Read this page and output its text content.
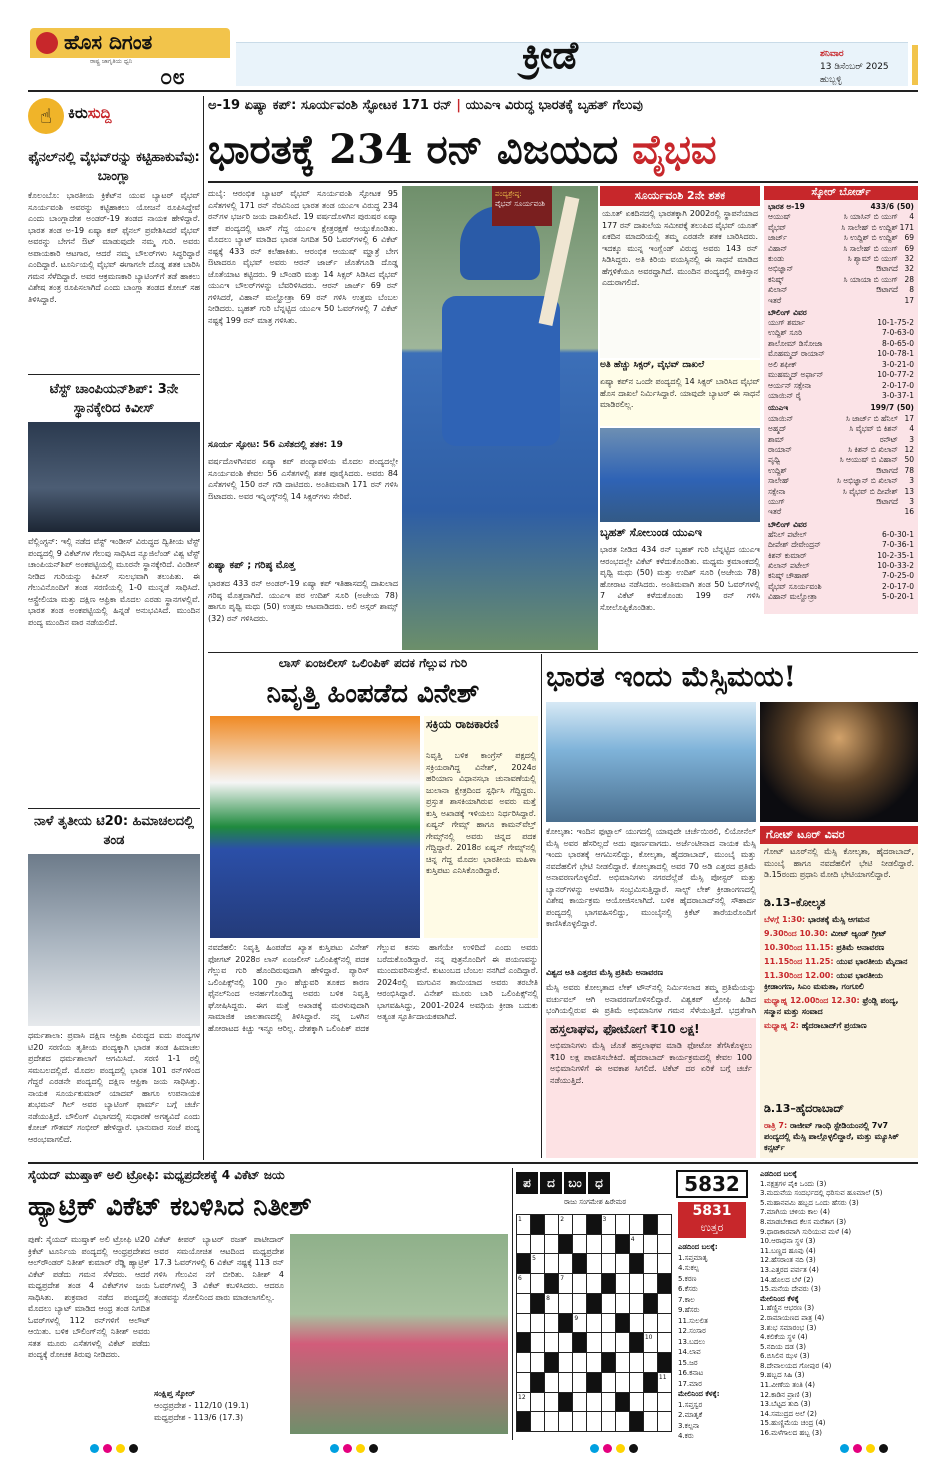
ಹೊಸ ದಿಗಂತ
ರಾಷ್ಟ್ರ ಜಾಗೃತಿಯ ಧ್ವನಿ
೦೮	ಕ್ರೀಡೆ	ಶನಿವಾರ
13 ಡಿಸೆಂಬರ್ 2025
ಹುಬ್ಬಳ್ಳಿ
☝	ಕಿರುಸುದ್ದಿ
ಫೈನಲ್‌ನಲ್ಲಿ ವೈಭವ್‌ರನ್ನು ಕಟ್ಟಿಹಾಕುವೆವು: ಬಾಂಗ್ಲಾ
ಕೊಲಂಬೊ: ಭಾರತೀಯ ಕ್ರಿಕೆಟ್‌ನ ಯುವ ಬ್ಯಾಟರ್ ವೈಭವ್ ಸೂರ್ಯವಂಶಿ ಅವರನ್ನು ಕಟ್ಟಿಹಾಕಲು ಯೋಜನೆ ರೂಪಿಸಿದ್ದೇವೆ ಎಂದು ಬಾಂಗ್ಲಾದೇಶ ಅಂಡರ್-19 ತಂಡದ ನಾಯಕ ಹೇಳಿದ್ದಾರೆ. ಭಾರತ ತಂಡ ಅ-19 ಏಷ್ಯಾ ಕಪ್ ಫೈನಲ್ ಪ್ರವೇಶಿಸಿದರೆ ವೈಭವ್ ಅವರನ್ನು ಬೇಗನೆ ಔಟ್ ಮಾಡುವುದೇ ನಮ್ಮ ಗುರಿ. ಅವರು ಅಪಾಯಕಾರಿ ಆಟಗಾರ, ಆದರೆ ನಮ್ಮ ಬೌಲರ್‌ಗಳು ಸಿದ್ಧರಿದ್ದಾರೆ ಎಂದಿದ್ದಾರೆ. ಟೂರ್ನಿಯಲ್ಲಿ ವೈಭವ್ ಈಗಾಗಲೇ ದೊಡ್ಡ ಶತಕ ಬಾರಿಸಿ ಗಮನ ಸೆಳೆದಿದ್ದಾರೆ. ಅವರ ಆಕ್ರಮಣಕಾರಿ ಬ್ಯಾಟಿಂಗ್‌ಗೆ ತಡೆ ಹಾಕಲು ವಿಶೇಷ ತಂತ್ರ ರೂಪಿಸಲಾಗಿದೆ ಎಂದು ಬಾಂಗ್ಲಾ ತಂಡದ ಕೋಚ್ ಸಹ ತಿಳಿಸಿದ್ದಾರೆ.
ಟೆಸ್ಟ್ ಚಾಂಪಿಯನ್‌ಶಿಪ್: 3ನೇ ಸ್ಥಾನಕ್ಕೇರಿದ ಕಿವೀಸ್
ವೆಲ್ಲಿಂಗ್ಟನ್: ಇಲ್ಲಿ ನಡೆದ ವೆಸ್ಟ್ ಇಂಡೀಸ್ ವಿರುದ್ಧದ ದ್ವಿತೀಯ ಟೆಸ್ಟ್ ಪಂದ್ಯದಲ್ಲಿ 9 ವಿಕೆಟ್‌ಗಳ ಗೆಲುವು ಸಾಧಿಸಿದ ನ್ಯೂಜಿಲೆಂಡ್ ವಿಶ್ವ ಟೆಸ್ಟ್ ಚಾಂಪಿಯನ್‌ಶಿಪ್ ಅಂಕಪಟ್ಟಿಯಲ್ಲಿ ಮೂರನೇ ಸ್ಥಾನಕ್ಕೇರಿದೆ. ವಿಂಡೀಸ್ ನೀಡಿದ ಗುರಿಯನ್ನು ಕಿವೀಸ್ ಸುಲಭವಾಗಿ ತಲುಪಿತು. ಈ ಗೆಲುವಿನೊಂದಿಗೆ ತಂಡ ಸರಣಿಯಲ್ಲಿ 1-0 ಮುನ್ನಡೆ ಸಾಧಿಸಿದೆ. ಆಸ್ಟ್ರೇಲಿಯಾ ಮತ್ತು ದಕ್ಷಿಣ ಆಫ್ರಿಕಾ ಮೊದಲ ಎರಡು ಸ್ಥಾನಗಳಲ್ಲಿವೆ. ಭಾರತ ತಂಡ ಅಂಕಪಟ್ಟಿಯಲ್ಲಿ ಹಿನ್ನಡೆ ಅನುಭವಿಸಿದೆ. ಮುಂದಿನ ಪಂದ್ಯ ಮುಂದಿನ ವಾರ ನಡೆಯಲಿದೆ.
ನಾಳೆ ತೃತೀಯ ಟಿ20: ಹಿಮಾಚಲದಲ್ಲಿ ತಂಡ
ಧರ್ಮಶಾಲಾ: ಪ್ರವಾಸಿ ದಕ್ಷಿಣ ಆಫ್ರಿಕಾ ವಿರುದ್ಧದ ಐದು ಪಂದ್ಯಗಳ ಟಿ20 ಸರಣಿಯ ತೃತೀಯ ಪಂದ್ಯಕ್ಕಾಗಿ ಭಾರತ ತಂಡ ಹಿಮಾಚಲ ಪ್ರದೇಶದ ಧರ್ಮಶಾಲಾಗೆ ಆಗಮಿಸಿದೆ. ಸರಣಿ 1-1 ರಲ್ಲಿ ಸಮಬಲದಲ್ಲಿದೆ. ಮೊದಲ ಪಂದ್ಯದಲ್ಲಿ ಭಾರತ 101 ರನ್‌ಗಳಿಂದ ಗೆದ್ದರೆ ಎರಡನೇ ಪಂದ್ಯದಲ್ಲಿ ದಕ್ಷಿಣ ಆಫ್ರಿಕಾ ಜಯ ಸಾಧಿಸಿತ್ತು. ನಾಯಕ ಸೂರ್ಯಕುಮಾರ್ ಯಾದವ್ ಹಾಗೂ ಉಪನಾಯಕ ಶುಭಮನ್ ಗಿಲ್ ಅವರ ಬ್ಯಾಟಿಂಗ್ ಫಾರ್ಮ್ ಬಗ್ಗೆ ಚರ್ಚೆ ನಡೆಯುತ್ತಿದೆ. ಬೌಲಿಂಗ್ ವಿಭಾಗದಲ್ಲಿ ಸುಧಾರಣೆ ಅಗತ್ಯವಿದೆ ಎಂದು ಕೋಚ್ ಗೌತಮ್ ಗಂಭೀರ್ ಹೇಳಿದ್ದಾರೆ. ಭಾನುವಾರ ಸಂಜೆ ಪಂದ್ಯ ಆರಂಭವಾಗಲಿದೆ.
ಅ-19 ಏಷ್ಯಾ ಕಪ್: ಸೂರ್ಯವಂಶಿ ಸ್ಫೋಟಕ 171 ರನ್ | ಯುಎಇ ವಿರುದ್ಧ ಭಾರತಕ್ಕೆ ಬೃಹತ್ ಗೆಲುವು
ಭಾರತಕ್ಕೆ 234 ರನ್ ವಿಜಯದ ವೈಭವ
ದುಬೈ: ಆರಂಭಿಕ ಬ್ಯಾಟರ್ ವೈಭವ್ ಸೂರ್ಯವಂಶಿ ಸ್ಫೋಟಕ 95 ಎಸೆತಗಳಲ್ಲಿ 171 ರನ್ ನೆರವಿನಿಂದ ಭಾರತ ತಂಡ ಯುಎಇ ವಿರುದ್ಧ 234 ರನ್‌ಗಳ ಭರ್ಜರಿ ಜಯ ದಾಖಲಿಸಿದೆ. 19 ವರ್ಷದೊಳಗಿನ ಪುರುಷರ ಏಷ್ಯಾ ಕಪ್ ಪಂದ್ಯದಲ್ಲಿ ಟಾಸ್ ಗೆದ್ದ ಯುಎಇ ಕ್ಷೇತ್ರರಕ್ಷಣೆ ಆಯ್ದುಕೊಂಡಿತು. ಮೊದಲು ಬ್ಯಾಟ್ ಮಾಡಿದ ಭಾರತ ನಿಗದಿತ 50 ಓವರ್‌ಗಳಲ್ಲಿ 6 ವಿಕೆಟ್ ನಷ್ಟಕ್ಕೆ 433 ರನ್ ಕಲೆಹಾಕಿತು. ಆರಂಭಿಕ ಆಯುಷ್ ಮ್ಹಾತ್ರೆ ಬೇಗ ಔಟಾದರೂ ವೈಭವ್ ಅವರು ಆರನ್ ಜಾರ್ಜ್ ಜೊತೆಗೂಡಿ ದೊಡ್ಡ ಜೊತೆಯಾಟ ಕಟ್ಟಿದರು. 9 ಬೌಂಡರಿ ಮತ್ತು 14 ಸಿಕ್ಸರ್ ಸಿಡಿಸಿದ ವೈಭವ್ ಯುಎಇ ಬೌಲರ್‌ಗಳನ್ನು ಬೆವರಿಳಿಸಿದರು. ಆರನ್ ಜಾರ್ಜ್ 69 ರನ್ ಗಳಿಸಿದರೆ, ವಿಹಾನ್ ಮಲ್ಹೋತ್ರಾ 69 ರನ್ ಗಳಿಸಿ ಉತ್ತಮ ಬೆಂಬಲ ನೀಡಿದರು. ಬೃಹತ್ ಗುರಿ ಬೆನ್ನಟ್ಟಿದ ಯುಎಇ 50 ಓವರ್‌ಗಳಲ್ಲಿ 7 ವಿಕೆಟ್ ನಷ್ಟಕ್ಕೆ 199 ರನ್ ಮಾತ್ರ ಗಳಿಸಿತು.
ಸೂರ್ಯ ಸ್ಫೋಟ: 56 ಎಸೆತದಲ್ಲಿ ಶತಕ: 19
ವರ್ಷದೊಳಗಿನವರ ಏಷ್ಯಾ ಕಪ್ ಪಂದ್ಯಾವಳಿಯ ಮೊದಲ ಪಂದ್ಯದಲ್ಲೇ ಸೂರ್ಯವಂಶಿ ಕೇವಲ 56 ಎಸೆತಗಳಲ್ಲಿ ಶತಕ ಪೂರೈಸಿದರು. ಅವರು 84 ಎಸೆತಗಳಲ್ಲಿ 150 ರನ್ ಗಡಿ ದಾಟಿದರು. ಅಂತಿಮವಾಗಿ 171 ರನ್ ಗಳಿಸಿ ಔಟಾದರು. ಅವರ ಇನ್ನಿಂಗ್ಸ್‌ನಲ್ಲಿ 14 ಸಿಕ್ಸರ್‌ಗಳು ಸೇರಿವೆ.
ಏಷ್ಯಾ ಕಪ್ ; ಗರಿಷ್ಠ ಮೊತ್ತ
ಭಾರತದ 433 ರನ್ ಅಂಡರ್-19 ಏಷ್ಯಾ ಕಪ್ ಇತಿಹಾಸದಲ್ಲಿ ದಾಖಲಾದ ಗರಿಷ್ಠ ಮೊತ್ತವಾಗಿದೆ. ಯುಎಇ ಪರ ಉದಿಶ್ ಸೂರಿ (ಅಜೇಯ 78) ಹಾಗೂ ಪೃಥ್ವಿ ಮಧು (50) ಉತ್ತಮ ಆಟವಾಡಿದರು. ಅಲಿ ಅಸ್ಗರ್ ಶಾಮ್ಸ್ (32) ರನ್ ಗಳಿಸಿದರು.
ಪಂದ್ಯಶ್ರೇಷ್ಠ:
ವೈಭವ್ ಸೂರ್ಯವಂಶಿ
ಸೂರ್ಯವಂಶಿ 2ನೇ ಶತಕ
ಯೂತ್ ಏಕದಿನದಲ್ಲಿ ಭಾರತಕ್ಕಾಗಿ 2002ರಲ್ಲಿ ಸ್ಥಾಪನೆಯಾದ 177 ರನ್ ದಾಖಲೆಯ ಸಮೀಪಕ್ಕೆ ತಲುಪಿದ ವೈಭವ್ ಯೂತ್ ಏಕದಿನ ಮಾದರಿಯಲ್ಲಿ ತಮ್ಮ ಎರಡನೇ ಶತಕ ಬಾರಿಸಿದರು. ಇದಕ್ಕೂ ಮುನ್ನ ಇಂಗ್ಲೆಂಡ್ ವಿರುದ್ಧ ಅವರು 143 ರನ್ ಸಿಡಿಸಿದ್ದರು. ಅತಿ ಕಿರಿಯ ವಯಸ್ಸಿನಲ್ಲಿ ಈ ಸಾಧನೆ ಮಾಡಿದ ಹೆಗ್ಗಳಿಕೆಯೂ ಅವರದ್ದಾಗಿದೆ. ಮುಂದಿನ ಪಂದ್ಯದಲ್ಲಿ ಪಾಕಿಸ್ತಾನ ಎದುರಾಗಲಿದೆ.
ಅತಿ ಹೆಚ್ಚು ಸಿಕ್ಸರ್, ವೈಭವ್ ದಾಖಲೆ
ಏಷ್ಯಾ ಕಪ್‌ನ ಒಂದೇ ಪಂದ್ಯದಲ್ಲಿ 14 ಸಿಕ್ಸರ್ ಬಾರಿಸಿದ ವೈಭವ್ ಹೊಸ ದಾಖಲೆ ನಿರ್ಮಿಸಿದ್ದಾರೆ. ಯಾವುದೇ ಬ್ಯಾಟರ್ ಈ ಸಾಧನೆ ಮಾಡಿರಲಿಲ್ಲ.
ಬೃಹತ್ ಸೋಲುಂಡ ಯುಎಇ
ಭಾರತ ನೀಡಿದ 434 ರನ್ ಬೃಹತ್ ಗುರಿ ಬೆನ್ನಟ್ಟಿದ ಯುಎಇ ಆರಂಭದಲ್ಲೇ ವಿಕೆಟ್ ಕಳೆದುಕೊಂಡಿತು. ಮಧ್ಯಮ ಕ್ರಮಾಂಕದಲ್ಲಿ ಪೃಥ್ವಿ ಮಧು (50) ಮತ್ತು ಉದಿಶ್ ಸೂರಿ (ಅಜೇಯ 78) ಹೋರಾಟ ನಡೆಸಿದರು. ಅಂತಿಮವಾಗಿ ತಂಡ 50 ಓವರ್‌ಗಳಲ್ಲಿ 7 ವಿಕೆಟ್ ಕಳೆದುಕೊಂಡು 199 ರನ್ ಗಳಿಸಿ ಸೋಲೊಪ್ಪಿಕೊಂಡಿತು.
ಸ್ಕೋರ್ ಬೋರ್ಡ್
ಭಾರತ ಅ-19	433/6 (50)
ಆಯುಷ್	ಸಿ ಯಾಸಿನ್ ಬಿ ಯುಗ್	4
ವೈಭವ್	ಸಿ ಸಾಲೇಹ್ ಬಿ ಉದ್ದಿಶ್ 171
ಜಾರ್ಜ್	ಸಿ ಉದ್ದಿಶ್ ಬಿ ಉದ್ದಿಶ್ 69
ವಿಹಾನ್	ಸಿ ಸಾಲೇಹ್ ಬಿ ಯುಗ್ 69
ಕುಂಡು	ಸಿ ಶ್ಯಾಮ್ ಬಿ ಯುಗ್ 32
ಅಭಿಜ್ಞಾನ್	ಔಟಾಗದೆ 32
ಕನಿಷ್ಕ್	ಸಿ ಯಾಯಾ ಬಿ ಯುಗ್ 28
ಖಿಲಾನ್	ಔಟಾಗದೆ	8
ಇತರೆ	17
ಬೌಲಿಂಗ್ ವಿವರ
ಯುಗ್ ಶರ್ಮಾ	10-1-75-2
ಉದ್ದಿಶ್ ಸೂರಿ	7-0-63-0
ಶಾಲೋಮ್ ಡಿಸೋಜಾ	8-0-65-0
ಮೊಹಮ್ಮದ್ ರಾಯಾನ್	10-0-78-1
ಅಲಿ ಶಫೀಕ್	3-0-21-0
ಮುಹಮ್ಮದ್ ಅರ್ಫಾನ್	10-0-77-2
ಆರ್ಯನ್ ಸಕ್ಸೇನಾ	2-0-17-0
ಯಾಯಿನ್ ರೈ	3-0-37-1
ಯುಎಇ	199/7 (50)
ಯಾಯಿನ್	ಸಿ ಜಾರ್ಜ್ ಬಿ ಹೆನಿಲ್ 17
ಅಹ್ಮದ್	ಸಿ ವೈಭವ್ ಬಿ ಕಿಶನ್	4
ಶಾಮ್	ರನೌಟ್	3
ರಾಯಾನ್	ಸಿ ಕಿಶನ್ ಬಿ ಖಿಲಾನ್ 12
ಪೃಥ್ವಿ	ಸಿ ಆಯುಷ್ ಬಿ ವಿಹಾನ್ 50
ಉದ್ದಿಶ್	ಔಟಾಗದೆ 78
ಸಾಲೇಹ್	ಸಿ ಅಭಿಜ್ಞಾನ್ ಬಿ ಖಿಲಾನ್	3
ಸಕ್ಸೇನಾ	ಸಿ ವೈಭವ್ ಬಿ ದೀಪೇಶ್ 13
ಯುಗ್	ಔಟಾಗದೆ	3
ಇತರೆ	16
ಬೌಲಿಂಗ್ ವಿವರ
ಹೆನಿಲ್ ಪಟೇಲ್	6-0-30-1
ದೀಪೇಶ್ ದೇವೇಂದ್ರನ್	7-0-36-1
ಕಿಶನ್ ಕುಮಾರ್	10-2-35-1
ಖಿಲಾನ್ ಪಟೇಲ್	10-0-33-2
ಕನಿಷ್ಕ್ ಚೌಹಾಣ್	7-0-25-0
ವೈಭವ್ ಸೂರ್ಯವಂಶಿ	2-0-17-0
ವಿಹಾನ್ ಮಲ್ಹೋತ್ರಾ	5-0-20-1
ಲಾಸ್ ಏಂಜಲೀಸ್ ಒಲಿಂಪಿಕ್ ಪದಕ ಗೆಲ್ಲುವ ಗುರಿ
ನಿವೃತ್ತಿ ಹಿಂಪಡೆದ ವಿನೇಶ್
ಸಕ್ರಿಯ ರಾಜಕಾರಣಿ
ನಿವೃತ್ತಿ ಬಳಿಕ ಕಾಂಗ್ರೆಸ್ ಪಕ್ಷದಲ್ಲಿ ಸಕ್ರಿಯರಾಗಿದ್ದ ವಿನೇಶ್, 2024ರ ಹರಿಯಾಣ ವಿಧಾನಸಭಾ ಚುನಾವಣೆಯಲ್ಲಿ ಜುಲಾನಾ ಕ್ಷೇತ್ರದಿಂದ ಸ್ಪರ್ಧಿಸಿ ಗೆದ್ದಿದ್ದರು. ಪ್ರಸ್ತುತ ಶಾಸಕಿಯಾಗಿರುವ ಅವರು ಮತ್ತೆ ಕುಸ್ತಿ ಅಖಾಡಕ್ಕೆ ಇಳಿಯಲು ನಿರ್ಧರಿಸಿದ್ದಾರೆ. ಏಷ್ಯನ್ ಗೇಮ್ಸ್ ಹಾಗೂ ಕಾಮನ್‌ವೆಲ್ತ್ ಗೇಮ್ಸ್‌ನಲ್ಲಿ ಅವರು ಚಿನ್ನದ ಪದಕ ಗೆದ್ದಿದ್ದಾರೆ. 2018ರ ಏಷ್ಯನ್ ಗೇಮ್ಸ್‌ನಲ್ಲಿ ಚಿನ್ನ ಗೆದ್ದ ಮೊದಲ ಭಾರತೀಯ ಮಹಿಳಾ ಕುಸ್ತಿಪಟು ಎನಿಸಿಕೊಂಡಿದ್ದಾರೆ.
ನವದೆಹಲಿ: ನಿವೃತ್ತಿ ಹಿಂಪಡೆದ ಖ್ಯಾತ ಕುಸ್ತಿಪಟು ವಿನೇಶ್ ಫೋಗಟ್ 2028ರ ಲಾಸ್ ಏಂಜಲೀಸ್ ಒಲಿಂಪಿಕ್ಸ್‌ನಲ್ಲಿ ಪದಕ ಗೆಲ್ಲುವ ಗುರಿ ಹೊಂದಿರುವುದಾಗಿ ಹೇಳಿದ್ದಾರೆ. ಪ್ಯಾರಿಸ್ ಒಲಿಂಪಿಕ್ಸ್‌ನಲ್ಲಿ 100 ಗ್ರಾಂ ಹೆಚ್ಚುವರಿ ತೂಕದ ಕಾರಣ ಫೈನಲ್‌ನಿಂದ ಅನರ್ಹಗೊಂಡಿದ್ದ ಅವರು ಬಳಿಕ ನಿವೃತ್ತಿ ಘೋಷಿಸಿದ್ದರು. ಈಗ ಮತ್ತೆ ಅಖಾಡಕ್ಕೆ ಮರಳುವುದಾಗಿ ಸಾಮಾಜಿಕ ಜಾಲತಾಣದಲ್ಲಿ ತಿಳಿಸಿದ್ದಾರೆ. ನನ್ನ ಒಳಗಿನ ಹೋರಾಟದ ಕಿಚ್ಚು ಇನ್ನೂ ಆರಿಲ್ಲ. ದೇಶಕ್ಕಾಗಿ ಒಲಿಂಪಿಕ್ ಪದಕ ಗೆಲ್ಲುವ ಕನಸು ಹಾಗೆಯೇ ಉಳಿದಿದೆ ಎಂದು ಅವರು ಬರೆದುಕೊಂಡಿದ್ದಾರೆ. ನನ್ನ ಪುತ್ರನೊಂದಿಗೆ ಈ ಪಯಣವನ್ನು ಮುಂದುವರಿಸುತ್ತೇನೆ. ಕುಟುಂಬದ ಬೆಂಬಲ ನನಗಿದೆ ಎಂದಿದ್ದಾರೆ. 2024ರಲ್ಲಿ ಮಗುವಿನ ತಾಯಿಯಾದ ಅವರು ತರಬೇತಿ ಆರಂಭಿಸಿದ್ದಾರೆ. ವಿನೇಶ್ ಮೂರು ಬಾರಿ ಒಲಿಂಪಿಕ್ಸ್‌ನಲ್ಲಿ ಭಾಗವಹಿಸಿದ್ದು, 2001-2024 ಅವಧಿಯ ಕ್ರೀಡಾ ಬದುಕು ಅತ್ಯಂತ ಸ್ಫೂರ್ತಿದಾಯಕವಾಗಿದೆ.
ಭಾರತ ಇಂದು ಮೆಸ್ಸಿಮಯ!
ಕೋಲ್ಕತಾ: ಇಂದಿನ ಫುಟ್ಬಾಲ್ ಯುಗದಲ್ಲಿ ಯಾವುದೇ ಚರ್ಚೆಯಿರಲಿ, ಲಿಯೋನೆಲ್ ಮೆಸ್ಸಿ ಅವರ ಹೆಸರಿಲ್ಲದೆ ಅದು ಪೂರ್ಣವಾಗದು. ಅರ್ಜೆಂಟೀನಾದ ನಾಯಕ ಮೆಸ್ಸಿ ಇಂದು ಭಾರತಕ್ಕೆ ಆಗಮಿಸಲಿದ್ದು, ಕೋಲ್ಕತಾ, ಹೈದರಾಬಾದ್, ಮುಂಬೈ ಮತ್ತು ನವದೆಹಲಿಗೆ ಭೇಟಿ ನೀಡಲಿದ್ದಾರೆ. ಕೋಲ್ಕತಾದಲ್ಲಿ ಅವರ 70 ಅಡಿ ಎತ್ತರದ ಪ್ರತಿಮೆ ಅನಾವರಣಗೊಳ್ಳಲಿದೆ. ಅಭಿಮಾನಿಗಳು ನಗರದೆಲ್ಲೆಡೆ ಮೆಸ್ಸಿ ಪೋಸ್ಟರ್ ಮತ್ತು ಬ್ಯಾನರ್‌ಗಳನ್ನು ಅಳವಡಿಸಿ ಸಂಭ್ರಮಿಸುತ್ತಿದ್ದಾರೆ. ಸಾಲ್ಟ್ ಲೇಕ್ ಕ್ರೀಡಾಂಗಣದಲ್ಲಿ ವಿಶೇಷ ಕಾರ್ಯಕ್ರಮ ಆಯೋಜಿಸಲಾಗಿದೆ. ಬಳಿಕ ಹೈದರಾಬಾದ್‌ನಲ್ಲಿ ಸೌಹಾರ್ದ ಪಂದ್ಯದಲ್ಲಿ ಭಾಗವಹಿಸಲಿದ್ದು, ಮುಂಬೈನಲ್ಲಿ ಕ್ರಿಕೆಟ್ ತಾರೆಯರೊಂದಿಗೆ ಕಾಣಿಸಿಕೊಳ್ಳಲಿದ್ದಾರೆ.
ವಿಶ್ವದ ಅತಿ ಎತ್ತರದ ಮೆಸ್ಸಿ ಪ್ರತಿಮೆ ಅನಾವರಣ
ಮೆಸ್ಸಿ ಅವರು ಕೋಲ್ಕತಾದ ಲೇಕ್ ಟೌನ್‌ನಲ್ಲಿ ನಿರ್ಮಿಸಲಾದ ತಮ್ಮ ಪ್ರತಿಮೆಯನ್ನು ವರ್ಚುವಲ್ ಆಗಿ ಅನಾವರಣಗೊಳಿಸಲಿದ್ದಾರೆ. ವಿಶ್ವಕಪ್ ಟ್ರೋಫಿ ಹಿಡಿದ ಭಂಗಿಯಲ್ಲಿರುವ ಈ ಪ್ರತಿಮೆ ಅಭಿಮಾನಿಗಳ ಗಮನ ಸೆಳೆಯುತ್ತಿದೆ. ಭದ್ರತೆಗಾಗಿ
ಹಸ್ತಲಾಘವ, ಫೋಟೋಗೆ ₹10 ಲಕ್ಷ!
ಅಭಿಮಾನಿಗಳು ಮೆಸ್ಸಿ ಜೊತೆ ಹಸ್ತಲಾಘವ ಮಾಡಿ ಫೋಟೋ ತೆಗೆಸಿಕೊಳ್ಳಲು ₹10 ಲಕ್ಷ ಪಾವತಿಸಬೇಕಿದೆ. ಹೈದರಾಬಾದ್ ಕಾರ್ಯಕ್ರಮದಲ್ಲಿ ಕೇವಲ 100 ಅಭಿಮಾನಿಗಳಿಗೆ ಈ ಅವಕಾಶ ಸಿಗಲಿದೆ. ಟಿಕೆಟ್ ದರ ಏರಿಕೆ ಬಗ್ಗೆ ಚರ್ಚೆ ನಡೆಯುತ್ತಿದೆ.
ಗೋಟ್ ಟೂರ್ ವಿವರ
ಗೋಟ್ ಟೂರ್‌ನಲ್ಲಿ ಮೆಸ್ಸಿ ಕೋಲ್ಕತಾ, ಹೈದರಾಬಾದ್, ಮುಂಬೈ ಹಾಗೂ ನವದೆಹಲಿಗೆ ಭೇಟಿ ನೀಡಲಿದ್ದಾರೆ. ಡಿ.15ರಂದು ಪ್ರಧಾನಿ ಮೋದಿ ಭೇಟಿಯಾಗಲಿದ್ದಾರೆ.
ಡಿ.13–ಕೋಲ್ಕತ
ಬೆಳಗ್ಗೆ 1:30: ಭಾರತಕ್ಕೆ ಮೆಸ್ಸಿ ಆಗಮನ
9.30ರಿಂದ 10.30: ಮೀಟ್ ಆ್ಯಂಡ್ ಗ್ರೀಟ್
10.30ರಿಂದ 11.15: ಪ್ರತಿಮೆ ಅನಾವರಣ
11.15ರಿಂದ 11.25: ಯುವ ಭಾರತೀಯ ಮೈದಾನ
11.30ರಿಂದ 12.00: ಯುವ ಭಾರತೀಯ ಕ್ರೀಡಾಂಗಣ, ಸಿಎಂ ಮಮತಾ, ಗಂಗೂಲಿ
ಮಧ್ಯಾಹ್ನ 12.00ರಿಂದ 12.30: ಫ್ರೆಂಡ್ಲಿ ಪಂದ್ಯ, ಸನ್ಮಾನ ಮತ್ತು ಸಂವಾದ
ಮಧ್ಯಾಹ್ನ 2: ಹೈದರಾಬಾದ್‌ಗೆ ಪ್ರಯಾಣ
ಡಿ.13–ಹೈದರಾಬಾದ್
ರಾತ್ರಿ 7: ರಾಜೀವ್ ಗಾಂಧಿ ಸ್ಟೇಡಿಯಂನಲ್ಲಿ 7v7 ಪಂದ್ಯದಲ್ಲಿ ಮೆಸ್ಸಿ ಪಾಲ್ಗೊಳ್ಳಲಿದ್ದಾರೆ, ಮತ್ತು ಮ್ಯೂಸಿಕ್ ಕನ್ಸರ್ಟ್
ಸೈಯದ್ ಮುಷ್ತಾಕ್ ಅಲಿ ಟ್ರೋಫಿ: ಮಧ್ಯಪ್ರದೇಶಕ್ಕೆ 4 ವಿಕೆಟ್ ಜಯ
ಹ್ಯಾಟ್ರಿಕ್ ವಿಕೆಟ್ ಕಬಳಿಸಿದ ನಿತೀಶ್
ಪುಣೆ: ಸೈಯದ್ ಮುಷ್ತಾಕ್ ಅಲಿ ಟ್ರೋಫಿ ಟಿ20 ಕ್ರಿಕೆಟ್ ಟೂರ್ನಿಯ ಪಂದ್ಯದಲ್ಲಿ ಆಂಧ್ರಪ್ರದೇಶದ ಆಲ್‌ರೌಂಡರ್ ನಿತೀಶ್ ಕುಮಾರ್ ರೆಡ್ಡಿ ಹ್ಯಾಟ್ರಿಕ್ ವಿಕೆಟ್ ಪಡೆದು ಗಮನ ಸೆಳೆದರು. ಆದರೆ ಮಧ್ಯಪ್ರದೇಶ ತಂಡ 4 ವಿಕೆಟ್‌ಗಳ ಜಯ ಸಾಧಿಸಿತು. ಶುಕ್ರವಾರ ನಡೆದ ಪಂದ್ಯದಲ್ಲಿ ಮೊದಲು ಬ್ಯಾಟ್ ಮಾಡಿದ ಆಂಧ್ರ ತಂಡ ನಿಗದಿತ ಓವರ್‌ಗಳಲ್ಲಿ 112 ರನ್‌ಗಳಿಗೆ ಆಲೌಟ್ ಆಯಿತು. ಬಳಿಕ ಬೌಲಿಂಗ್‌ನಲ್ಲಿ ನಿತೀಶ್ ಅವರು ಸತತ ಮೂರು ಎಸೆತಗಳಲ್ಲಿ ವಿಕೆಟ್ ಪಡೆದು ಪಂದ್ಯಕ್ಕೆ ರೋಚಕ ತಿರುವು ನೀಡಿದರು.
ವಿಕೆಟ್ ಕೀಪರ್ ಬ್ಯಾಟರ್ ರಜತ್ ಪಾಟೀದಾರ್ ಅವರ ಸಮಯೋಚಿತ ಆಟದಿಂದ ಮಧ್ಯಪ್ರದೇಶ 17.3 ಓವರ್‌ಗಳಲ್ಲಿ 6 ವಿಕೆಟ್ ನಷ್ಟಕ್ಕೆ 113 ರನ್ ಗಳಿಸಿ ಗೆಲುವಿನ ನಗೆ ಬೀರಿತು. ನಿತೀಶ್ 4 ಓವರ್‌ಗಳಲ್ಲಿ 3 ವಿಕೆಟ್ ಕಬಳಿಸಿದರು. ಆದರೂ ತಂಡವನ್ನು ಸೋಲಿನಿಂದ ಪಾರು ಮಾಡಲಾಗಲಿಲ್ಲ.
ಸಂಕ್ಷಿಪ್ತ ಸ್ಕೋರ್
ಆಂಧ್ರಪ್ರದೇಶ - 112/10 (19.1)
ಮಧ್ಯಪ್ರದೇಶ - 113/6 (17.3)
ಪ	ದ	ಬಂ	ಧ
ರಾಜು ಸಂಗಮೇಶ ಹಿರೇಮಠ
5832
5831
ಉತ್ತರ
1	2	3
4
5
6	7
8
9
10
11
12
ಎಡದಿಂದ ಬಲಕ್ಕೆ:
1.ಸಪ್ತಮಾತೃ
4.ಸುಕಲ್ಪ
5.ಕರಣ
6.ಕೆಸರು
7.ಕಾಲ
9.ಹೆಸರು
11.ಸುಲಲಿತ
12.ಸಂಸಾರ
13.ಬದಲು
14.ಲಾವ
15.ಜರ
16.ಕನಾಟ
17.ಮಾರ
ಮೇಲಿನಿಂದ ಕೆಳಕ್ಕೆ:
1.ಸಪ್ತಸ್ವರ
2.ಮಾತೃಕೆ
3.ಕಲ್ಪನಾ
4.ಕರು
ಎಡದಿಂದ ಬಲಕ್ಕೆ
1.ನಕ್ಷತ್ರಗಳ ಪೈಕಿ ಒಂದು (3)
3.ಮದುವೆಯ ಸಂದರ್ಭದಲ್ಲಿ ಧರಿಸುವ ಹೂಮಾಲೆ (5)
5.ಮಹಾನವಮಿ ಹಬ್ಬದ ಒಂದು ಹೆಸರು (3)
7.ಮಾಗಿಯ ಚಳಿಯ ಕಾಲ (4)
8.ಮಾಡಬೇಕಾದ ಕೆಲಸ ಮರೆತಾಗ (3)
9.ಧಾರಾಕಾರವಾಗಿ ಸುರಿಯುವ ಮಳೆ (4)
10.ಆರಾಧನಾ ಸ್ಥಳ (3)
11.ಬಣ್ಣದ ಹೂವು (4)
12.ಹೆಸರಾಂತ ನದಿ (3)
13.ಎತ್ತರದ ಪರ್ವತ (4)
14.ಹೊಲದ ಬೆಳೆ (2)
15.ಮನೆಯ ದೇವರು (3)
ಮೇಲಿನಿಂದ ಕೆಳಕ್ಕೆ
1.ಹೆಣ್ಣಿನ ಆಭರಣ (3)
2.ರಾಮಾಯಣದ ಪಾತ್ರ (4)
3.ಶುಭ ಸಮಾರಂಭ (3)
4.ಕಲಿಕೆಯ ಸ್ಥಳ (4)
5.ನದಿಯ ದಡ (3)
6.ಬಿಸಿಲಿನ ಝಳ (3)
8.ದೇವಾಲಯದ ಗೋಪುರ (4)
9.ಹಬ್ಬದ ಸಿಹಿ (3)
11.ವೀಣೆಯ ತಂತಿ (4)
12.ಕಾಡಿನ ಪ್ರಾಣಿ (3)
13.ಬೆಟ್ಟದ ತುದಿ (3)
14.ಸಮುದ್ರದ ಅಲೆ (2)
15.ಹುಣ್ಣಿಮೆಯ ಚಂದ್ರ (4)
16.ಮಳೆಗಾಲದ ಹಬ್ಬ (3)
